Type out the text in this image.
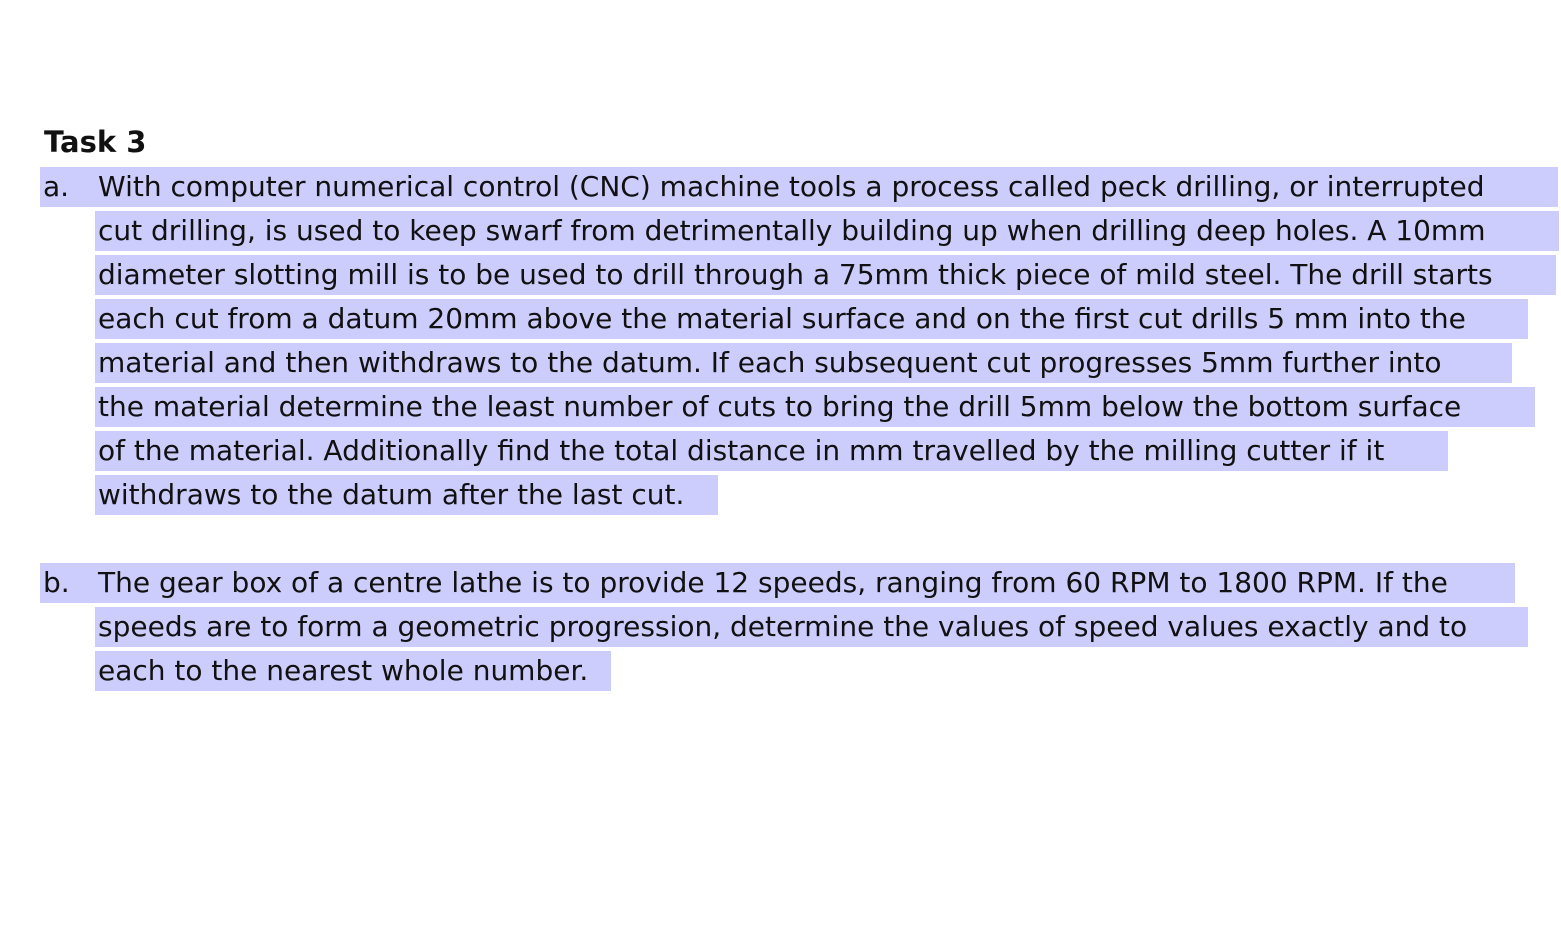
Task 3
a.	With computer numerical control (CNC) machine tools a process called peck drilling, or interrupted
cut drilling, is used to keep swarf from detrimentally building up when drilling deep holes. A 10mm
diameter slotting mill is to be used to drill through a 75mm thick piece of mild steel. The drill starts
each cut from a datum 20mm above the material surface and on the first cut drills 5 mm into the
material and then withdraws to the datum. If each subsequent cut progresses 5mm further into
the material determine the least number of cuts to bring the drill 5mm below the bottom surface
of the material. Additionally find the total distance in mm travelled by the milling cutter if it
withdraws to the datum after the last cut.
b.	The gear box of a centre lathe is to provide 12 speeds, ranging from 60 RPM to 1800 RPM. If the
speeds are to form a geometric progression, determine the values of speed values exactly and to
each to the nearest whole number.
